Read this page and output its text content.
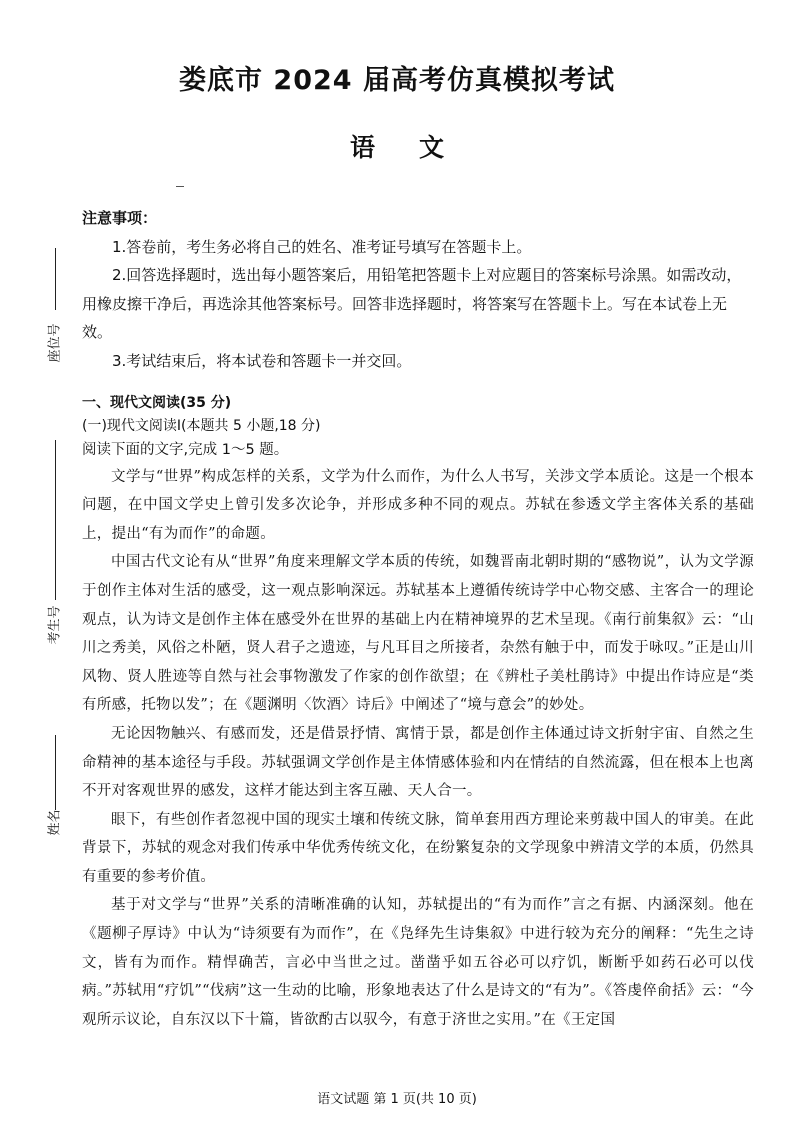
娄底市 2024 届高考仿真模拟考试
语文
座位号
考生号
姓名
注意事项：
1.答卷前，考生务必将自己的姓名、准考证号填写在答题卡上。
2.回答选择题时，选出每小题答案后，用铅笔把答题卡上对应题目的答案标号涂黑。如需改动，用橡皮擦干净后，再选涂其他答案标号。回答非选择题时，将答案写在答题卡上。写在本试卷上无效。
3.考试结束后，将本试卷和答题卡一并交回。
一、现代文阅读(35 分)
(一)现代文阅读Ⅰ(本题共 5 小题,18 分)
阅读下面的文字,完成 1～5 题。

文学与“世界”构成怎样的关系，文学为什么而作，为什么人书写，关涉文学本质论。这是一个根本问题，在中国文学史上曾引发多次论争，并形成多种不同的观点。苏轼在参透文学主客体关系的基础上，提出“有为而作”的命题。

中国古代文论有从“世界”角度来理解文学本质的传统，如魏晋南北朝时期的“感物说”，认为文学源于创作主体对生活的感受，这一观点影响深远。苏轼基本上遵循传统诗学中心物交感、主客合一的理论观点，认为诗文是创作主体在感受外在世界的基础上内在精神境界的艺术呈现。《南行前集叙》云：“山川之秀美，风俗之朴陋，贤人君子之遗迹，与凡耳目之所接者，杂然有触于中，而发于咏叹。”正是山川风物、贤人胜迹等自然与社会事物激发了作家的创作欲望；在《辨杜子美杜鹃诗》中提出作诗应是“类有所感，托物以发”；在《题渊明〈饮酒〉诗后》中阐述了“境与意会”的妙处。

无论因物触兴、有感而发，还是借景抒情、寓情于景，都是创作主体通过诗文折射宇宙、自然之生命精神的基本途径与手段。苏轼强调文学创作是主体情感体验和内在情结的自然流露，但在根本上也离不开对客观世界的感发，这样才能达到主客互融、天人合一。

眼下，有些创作者忽视中国的现实土壤和传统文脉，简单套用西方理论来剪裁中国人的审美。在此背景下，苏轼的观念对我们传承中华优秀传统文化，在纷繁复杂的文学现象中辨清文学的本质，仍然具有重要的参考价值。

基于对文学与“世界”关系的清晰准确的认知，苏轼提出的“有为而作”言之有据、内涵深刻。他在《题柳子厚诗》中认为“诗须要有为而作”，在《凫绎先生诗集叙》中进行较为充分的阐释：“先生之诗文，皆有为而作。精悍确苦，言必中当世之过。凿凿乎如五谷必可以疗饥，断断乎如药石必可以伐病。”苏轼用“疗饥”“伐病”这一生动的比喻，形象地表达了什么是诗文的“有为”。《答虔倅俞括》云：“今观所示议论，自东汉以下十篇，皆欲酌古以驭今，有意于济世之实用。”在《王定国

语文试题 第 1 页(共 10 页)
